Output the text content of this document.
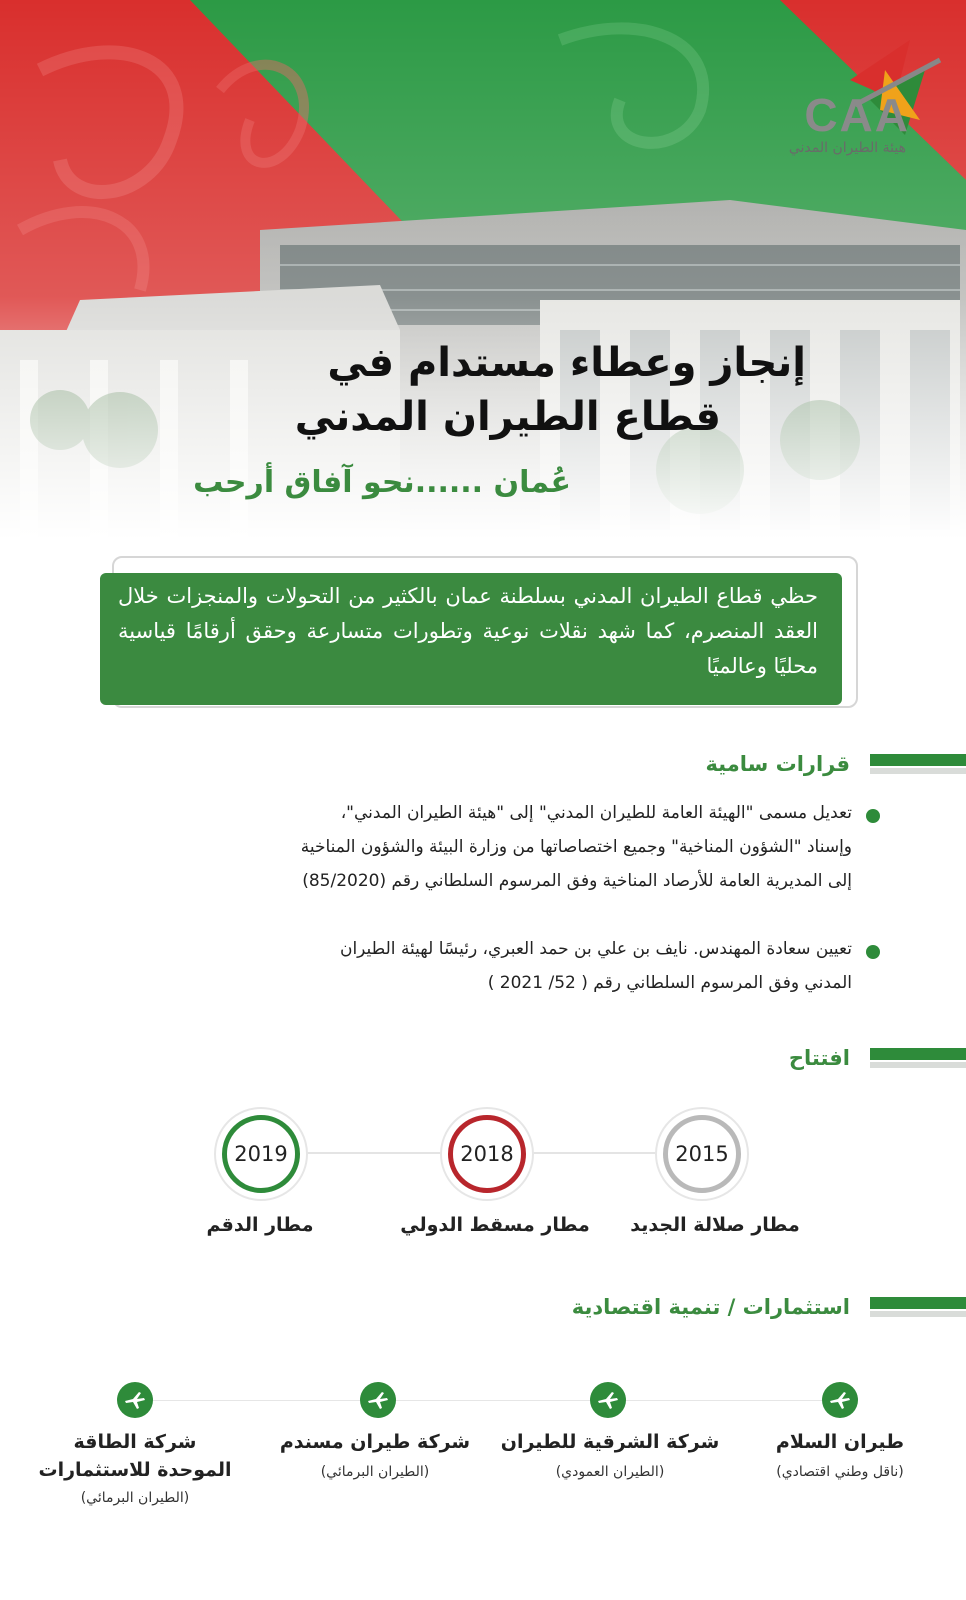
CAA
هيئة الطيران المدني
إنجاز وعطاء مستدام في
قطاع الطيران المدني
عُمان ......نحو آفاق أرحب
حظي قطاع الطيران المدني بسلطنة عمان بالكثير من التحولات والمنجزات خلال العقد المنصرم، كما شهد نقلات نوعية وتطورات متسارعة وحقق أرقامًا قياسية محليًا وعالميًا
قرارات سامية
تعديل مسمى "الهيئة العامة للطيران المدني" إلى "هيئة الطيران المدني"،
وإسناد "الشؤون المناخية" وجميع اختصاصاتها من وزارة البيئة والشؤون المناخية
إلى المديرية العامة للأرصاد المناخية وفق المرسوم السلطاني رقم (85/2020)
تعيين سعادة المهندس. نايف بن علي بن حمد العبري، رئيسًا لهيئة الطيران
المدني وفق المرسوم السلطاني رقم ( 52/ 2021 )
افتتاح
2015
2018
2019
مطار صلالة الجديد
مطار مسقط الدولي
مطار الدقم
استثمارات / تنمية اقتصادية
طيران السلام
(ناقل وطني اقتصادي)
شركة الشرقية للطيران
(الطيران العمودي)
شركة طيران مسندم
(الطيران البرمائي)
شركة الطاقة
الموحدة للاستثمارات
(الطيران البرمائي)
